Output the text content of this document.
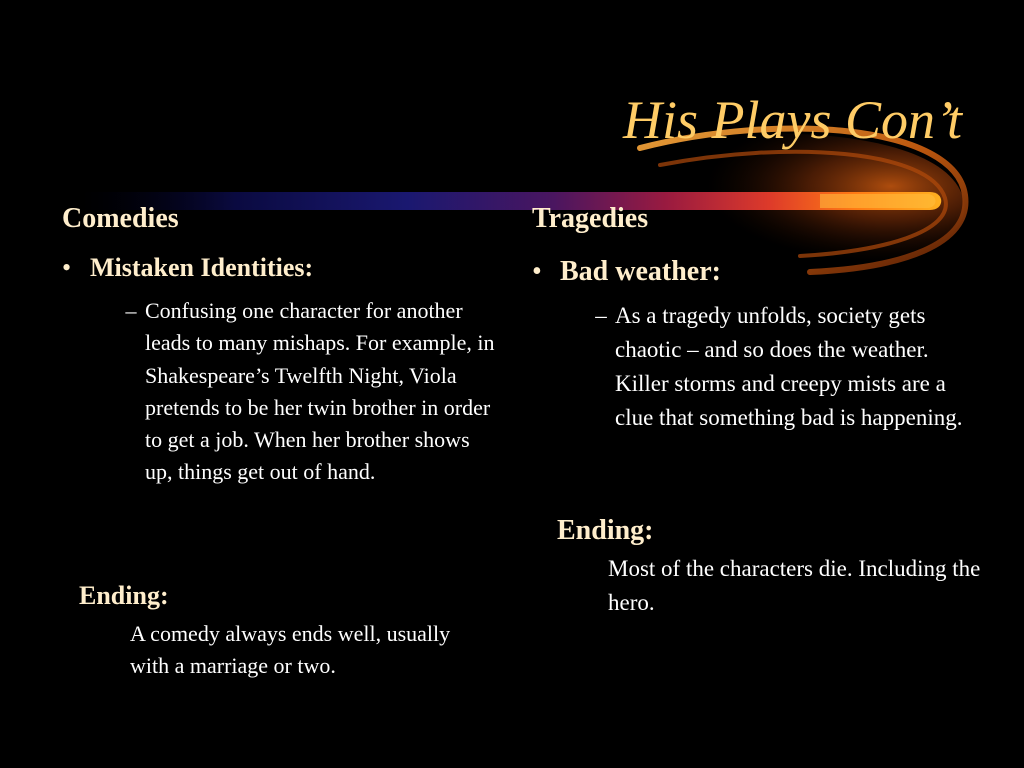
His Plays Con’t
Comedies
• Mistaken Identities:
– Confusing one character for another leads to many mishaps. For example, in Shakespeare’s Twelfth Night, Viola pretends to be her twin brother in order to get a job. When her brother shows up, things get out of hand.

Ending:

A comedy always ends well, usually with a marriage or two.

Tragedies
• Bad weather:
– As a tragedy unfolds, society gets chaotic – and so does the weather. Killer storms and creepy mists are a clue that something bad is happening.

Ending:

Most of the characters die. Including the hero.
